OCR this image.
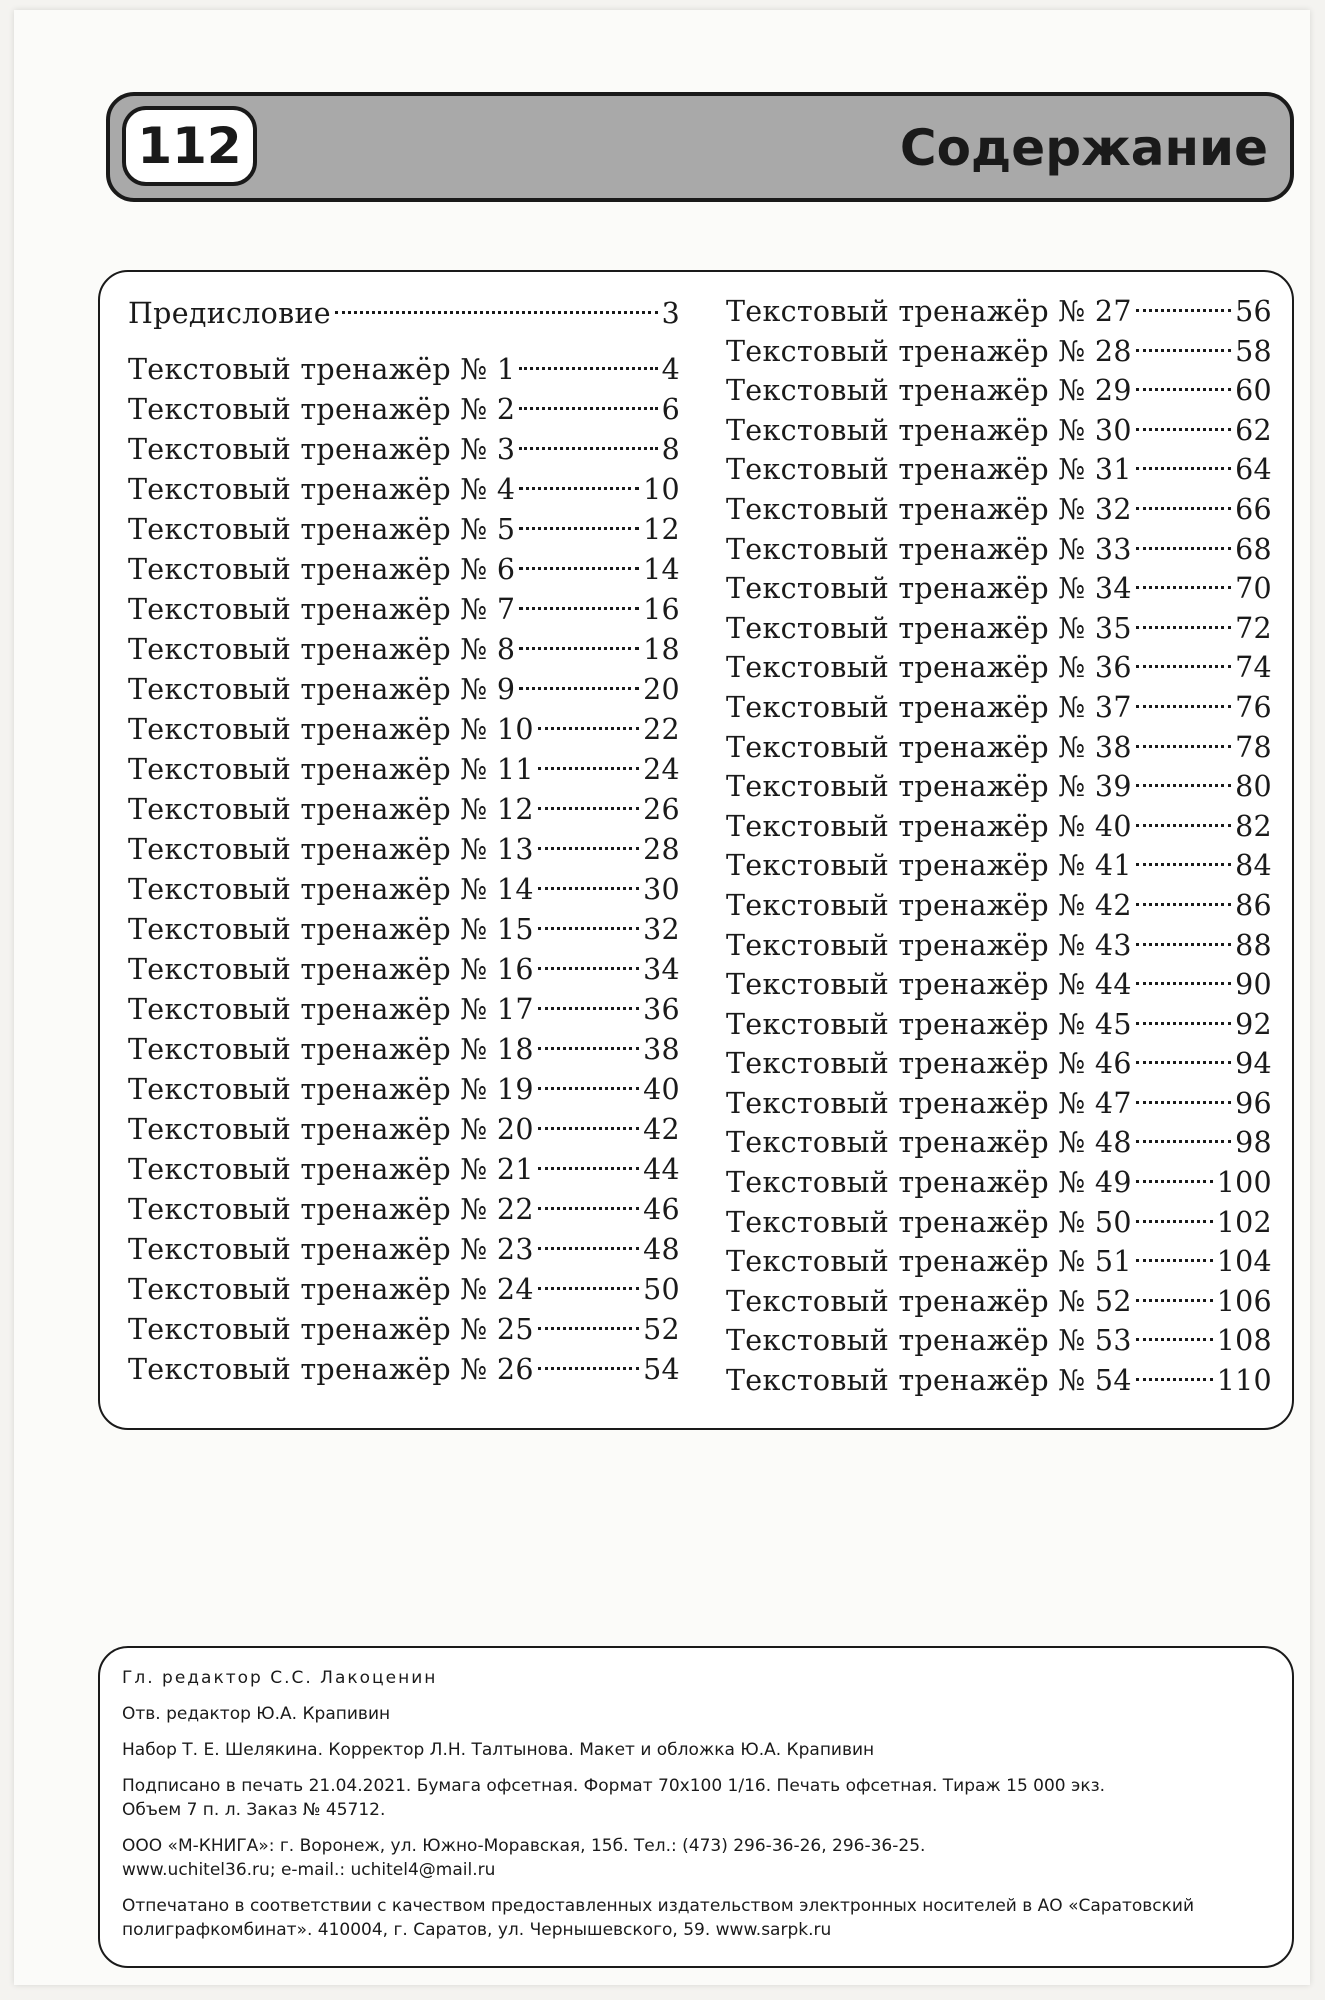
112	Содержание
Предисловие	3
Текстовый тренажёр № 1	4
Текстовый тренажёр № 2	6
Текстовый тренажёр № 3	8
Текстовый тренажёр № 4	10
Текстовый тренажёр № 5	12
Текстовый тренажёр № 6	14
Текстовый тренажёр № 7	16
Текстовый тренажёр № 8	18
Текстовый тренажёр № 9	20
Текстовый тренажёр № 10	22
Текстовый тренажёр № 11	24
Текстовый тренажёр № 12	26
Текстовый тренажёр № 13	28
Текстовый тренажёр № 14	30
Текстовый тренажёр № 15	32
Текстовый тренажёр № 16	34
Текстовый тренажёр № 17	36
Текстовый тренажёр № 18	38
Текстовый тренажёр № 19	40
Текстовый тренажёр № 20	42
Текстовый тренажёр № 21	44
Текстовый тренажёр № 22	46
Текстовый тренажёр № 23	48
Текстовый тренажёр № 24	50
Текстовый тренажёр № 25	52
Текстовый тренажёр № 26	54
Текстовый тренажёр № 27	56
Текстовый тренажёр № 28	58
Текстовый тренажёр № 29	60
Текстовый тренажёр № 30	62
Текстовый тренажёр № 31	64
Текстовый тренажёр № 32	66
Текстовый тренажёр № 33	68
Текстовый тренажёр № 34	70
Текстовый тренажёр № 35	72
Текстовый тренажёр № 36	74
Текстовый тренажёр № 37	76
Текстовый тренажёр № 38	78
Текстовый тренажёр № 39	80
Текстовый тренажёр № 40	82
Текстовый тренажёр № 41	84
Текстовый тренажёр № 42	86
Текстовый тренажёр № 43	88
Текстовый тренажёр № 44	90
Текстовый тренажёр № 45	92
Текстовый тренажёр № 46	94
Текстовый тренажёр № 47	96
Текстовый тренажёр № 48	98
Текстовый тренажёр № 49	100
Текстовый тренажёр № 50	102
Текстовый тренажёр № 51	104
Текстовый тренажёр № 52	106
Текстовый тренажёр № 53	108
Текстовый тренажёр № 54	110
Гл. редактор С.С. Лакоценин
Отв. редактор Ю.А. Крапивин
Набор Т. Е. Шелякина. Корректор Л.Н. Талтынова. Макет и обложка Ю.А. Крапивин
Подписано в печать 21.04.2021. Бумага офсетная. Формат 70х100 1/16. Печать офсетная. Тираж 15 000 экз.
Объем 7 п. л. Заказ № 45712.
ООО «М-КНИГА»: г. Воронеж, ул. Южно-Моравская, 15б. Тел.: (473) 296-36-26, 296-36-25.
www.uchitel36.ru; e-mail.: uchitel4@mail.ru
Отпечатано в соответствии с качеством предоставленных издательством электронных носителей в АО «Саратовский
полиграфкомбинат». 410004, г. Саратов, ул. Чернышевского, 59. www.sarpk.ru
